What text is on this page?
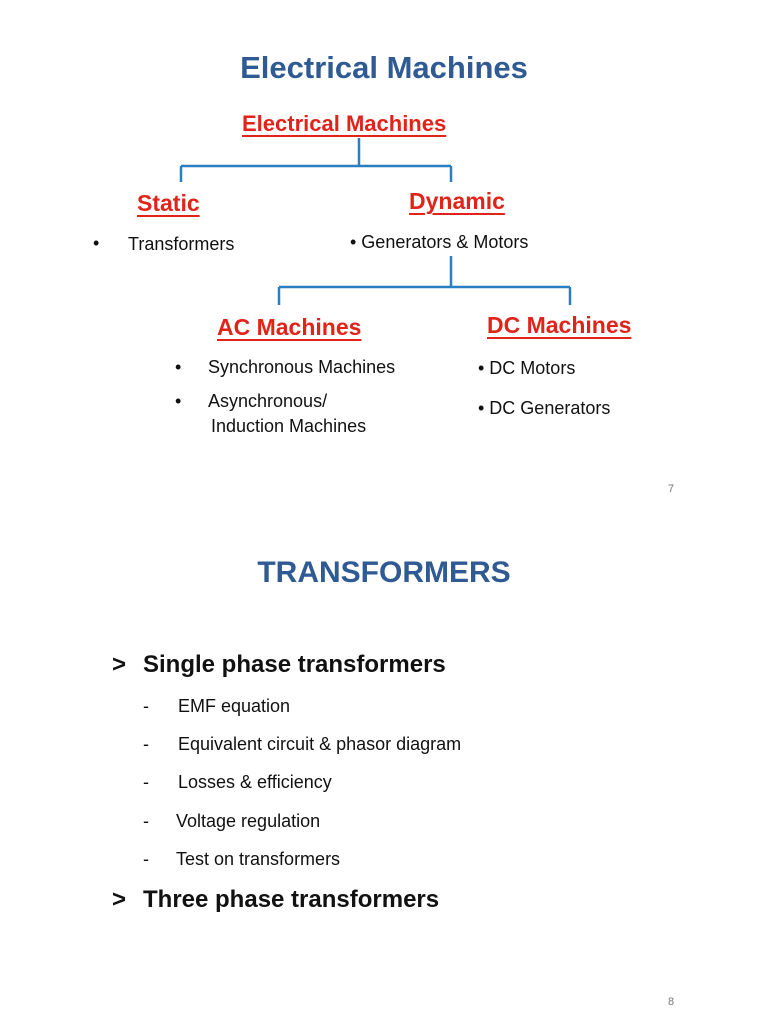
Electrical Machines
Electrical Machines
Static	Dynamic
• Transformers	• Generators & Motors
AC Machines	DC Machines
• Synchronous Machines
• Asynchronous/
Induction Machines
• DC Motors
• DC Generators
7
TRANSFORMERS
> Single phase transformers
- EMF equation
- Equivalent circuit & phasor diagram
- Losses & efficiency
- Voltage regulation
- Test on transformers
> Three phase transformers
8
